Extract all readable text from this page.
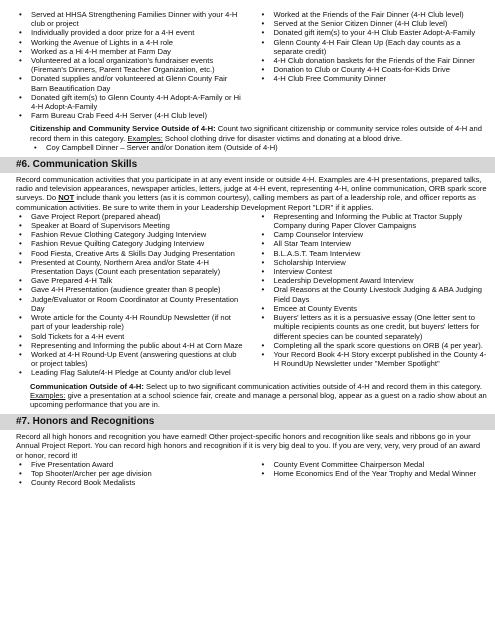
• Served at HHSA Strengthening Families Dinner with your 4-H club or project
• Individually provided a door prize for a 4-H event
• Working the Avenue of Lights in a 4-H role
• Worked as a Hi 4-H member at Farm Day
• Volunteered at a local organization's fundraiser events (Fireman's Dinners, Parent Teacher Organization, etc.)
• Donated supplies and/or volunteered at Glenn County Fair Barn Beautification Day
• Donated gift item(s) to Glenn County 4-H Adopt-A-Family or Hi 4-H Adopt-A-Family
• Farm Bureau Crab Feed 4-H Server (4-H Club level)
• Worked at the Friends of the Fair Dinner (4-H Club level)
• Served at the Senior Citizen Dinner (4-H Club level)
• Donated gift item(s) to your 4-H Club Easter Adopt-A-Family
• Glenn County 4-H Fair Clean Up (Each day counts as a separate credit)
• 4-H Club donation baskets for the Friends of the Fair Dinner
• Donation to Club or County 4-H Coats-for-Kids Drive
• 4-H Club Free Community Dinner
Citizenship and Community Service Outside of 4-H: Count two significant citizenship or community service roles outside of 4-H and record them in this category. Examples: School clothing drive for disaster victims and donating at a blood drive.
• Coy Campbell Dinner – Server and/or Donation item (Outside of 4-H)
#6. Communication Skills

Record communication activities that you participate in at any event inside or outside 4-H. Examples are 4-H presentations, prepared talks, radio and television appearances, newspaper articles, letters, judge at 4-H event, representing 4-H, online communication, ORB spark score surveys. Do NOT include thank you letters (as it is common courtesy), calling members as part of a leadership role, and officer reports as communication activities. Be sure to write them in your Leadership Development Report "LDR" if it applies.

• Gave Project Report (prepared ahead)
• Speaker at Board of Supervisors Meeting
• Fashion Revue Clothing Category Judging Interview
• Fashion Revue Quilting Category Judging Interview
• Food Fiesta, Creative Arts & Skills Day Judging Presentation
• Presented at County, Northern Area and/or State 4-H Presentation Days (Count each presentation separately)
• Gave Prepared 4-H Talk
• Gave 4-H Presentation (audience greater than 8 people)
• Judge/Evaluator or Room Coordinator at County Presentation Day
• Wrote article for the County 4-H RoundUp Newsletter (if not part of your leadership role)
• Sold Tickets for a 4-H event
• Representing and Informing the public about 4-H at Corn Maze
• Worked at 4-H Round-Up Event (answering questions at club or project tables)
• Leading Flag Salute/4-H Pledge at County and/or club level
• Representing and Informing the Public at Tractor Supply Company during Paper Clover Campaigns
• Camp Counselor Interview
• All Star Team Interview
• B.L.A.S.T. Team Interview
• Scholarship Interview
• Interview Contest
• Leadership Development Award Interview
• Oral Reasons at the County Livestock Judging & ABA Judging Field Days
• Emcee at County Events
• Buyers' letters as it is a persuasive essay (One letter sent to multiple recipients counts as one credit, but buyers' letters for different species can be counted separately)
• Completing all the spark score questions on ORB (4 per year).
• Your Record Book 4-H Story excerpt published in the County 4-H RoundUp Newsletter under "Member Spotlight"
Communication Outside of 4-H: Select up to two significant communication activities outside of 4-H and record them in this category. Examples: give a presentation at a school science fair, create and manage a personal blog, appear as a guest on a radio show about an upcoming performance that you are in.
#7. Honors and Recognitions

Record all high honors and recognition you have earned! Other project-specific honors and recognition like seals and ribbons go in your Annual Project Report. You can record high honors and recognition if it is very big deal to you. If you are very, very, very proud of an award or honor, record it!

• Five Presentation Award
• Top Shooter/Archer per age division
• County Record Book Medalists
• County Event Committee Chairperson Medal
• Home Economics End of the Year Trophy and Medal Winner
